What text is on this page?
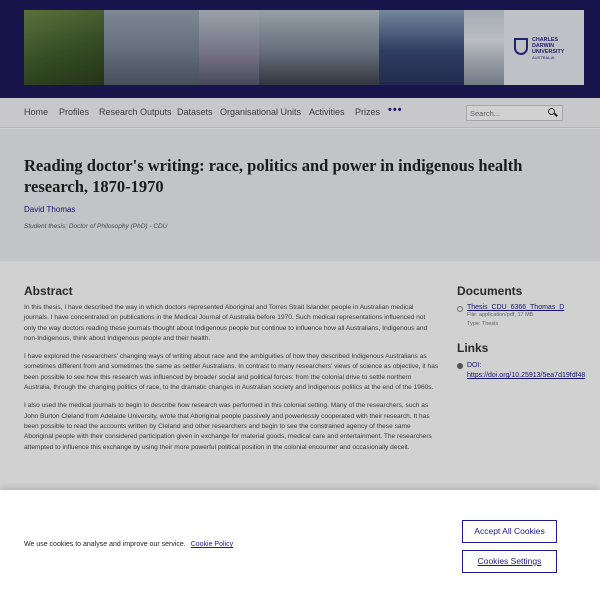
CHARLES
DARWIN
UNIVERSITY
AUSTRALIA
Home Profiles Research Outputs Datasets Organisational Units Activities Prizes •••
Search...
Reading doctor's writing: race, politics and power in indigenous health research, 1870-1970
David Thomas
Student thesis: Doctor of Philosophy (PhD) - CDU
Abstract

In this thesis, I have described the way in which doctors represented Aboriginal and Torres Strait Islander people in Australian medical journals. I have concentrated on publications in the Medical Journal of Australia before 1970. Such medical representations influenced not only the way doctors reading these journals thought about Indigenous people but continue to influence how all Australians, Indigenous and non-Indigenous, think about Indigenous people and their health.

I have explored the researchers' changing ways of writing about race and the ambiguities of how they described Indigenous Australians as sometimes different from and sometimes the same as settler Australians. In contrast to many researchers' views of science as objective, it has been possible to see how this research was influenced by broader social and political forces: from the colonial drive to settle northern Australia, through the changing politics of race, to the dramatic changes in Australian society and Indigenous politics at the end of the 1960s.

I also used the medical journals to begin to describe how research was performed in this colonial setting. Many of the researchers, such as John Burton Cleland from Adelaide University, wrote that Aboriginal people passively and powerlessly cooperated with their research. It has been possible to read the accounts written by Cleland and other researchers and begin to see the constrained agency of these same Aboriginal people with their considered participation given in exchange for material goods, medical care and entertainment. The researchers attempted to influence this exchange by using their more powerful political position in the colonial encounter and occasionally deceit.

Documents
Thesis_CDU_6366_Thomas_D
File: application/pdf, 17 MB
Type: Thesis
Links
DOI:
https://doi.org/10.25913/5ea7d19fdf48
We use cookies to analyse and improve our service. Cookie Policy
Accept All Cookies
Cookies Settings
